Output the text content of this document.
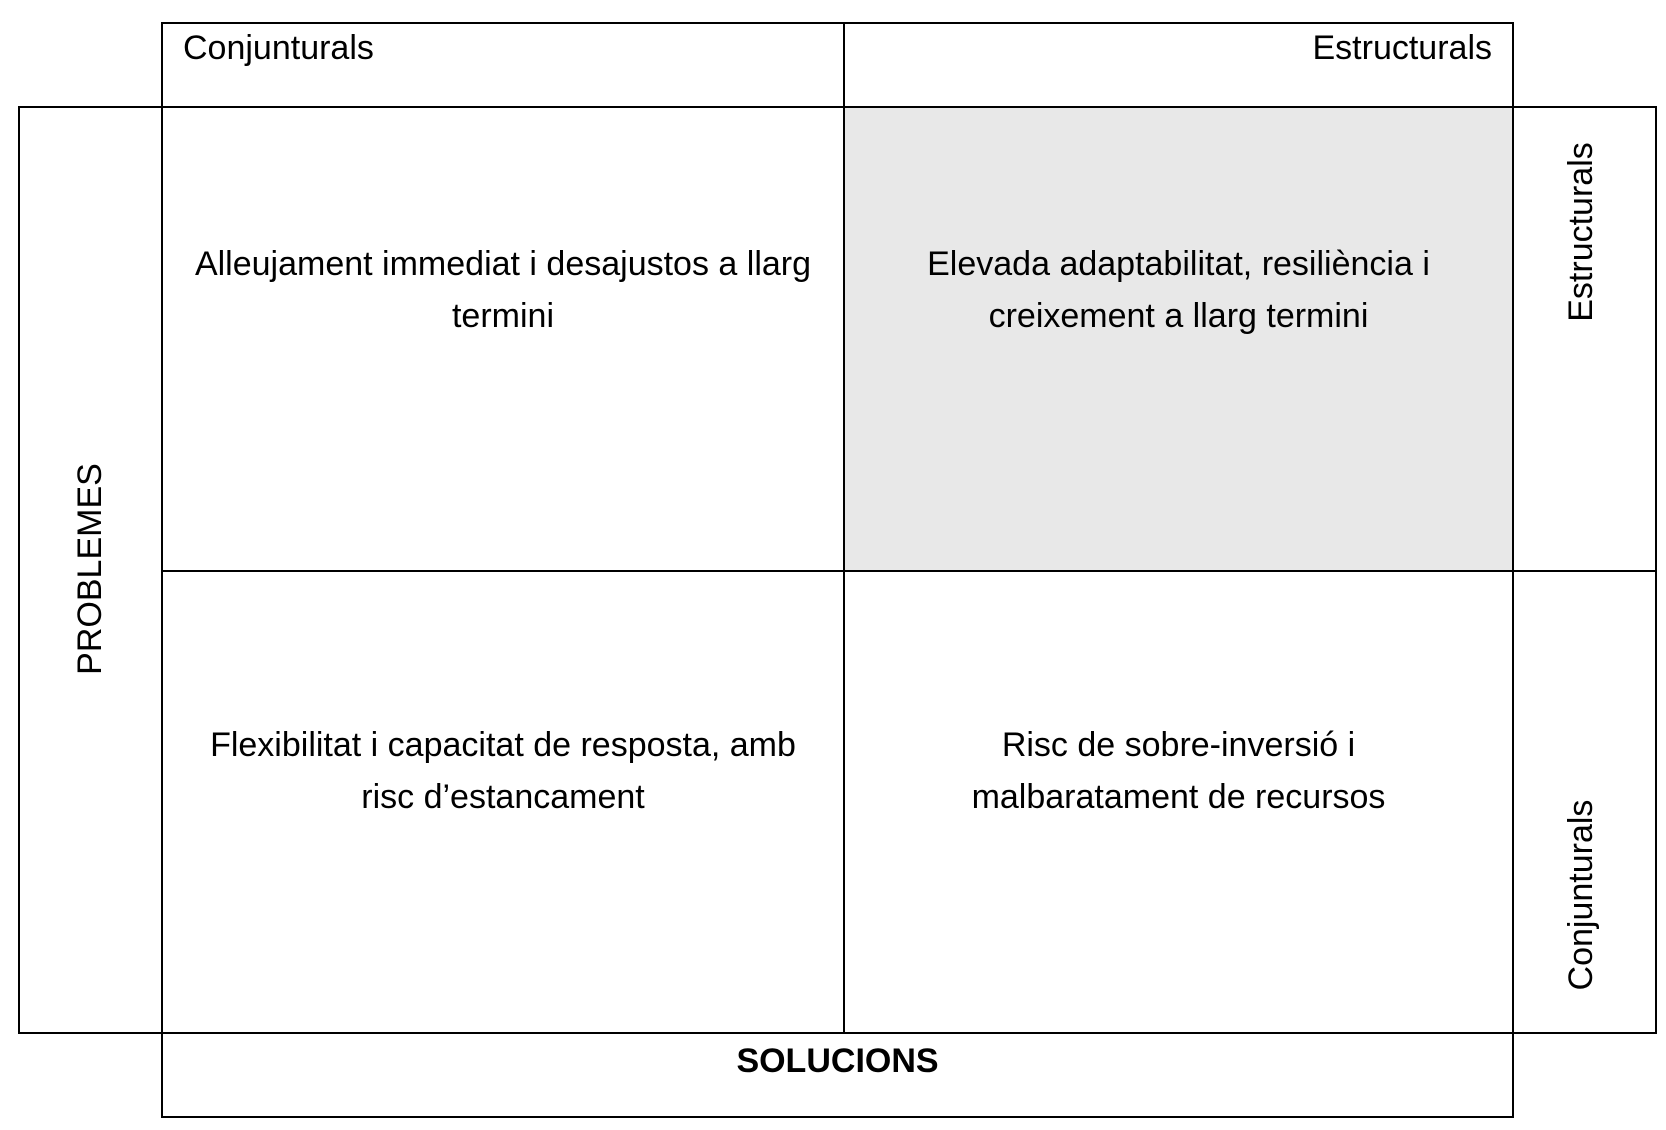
Conjunturals	Estructurals
PROBLEMES
Alleujament immediat i desajustos a llarg termini
Elevada adaptabilitat, resiliència i creixement a llarg termini
Flexibilitat i capacitat de resposta, amb risc d’estancament
Risc de sobre-inversió i malbaratament de recursos
Estructurals
Conjunturals
SOLUCIONS
